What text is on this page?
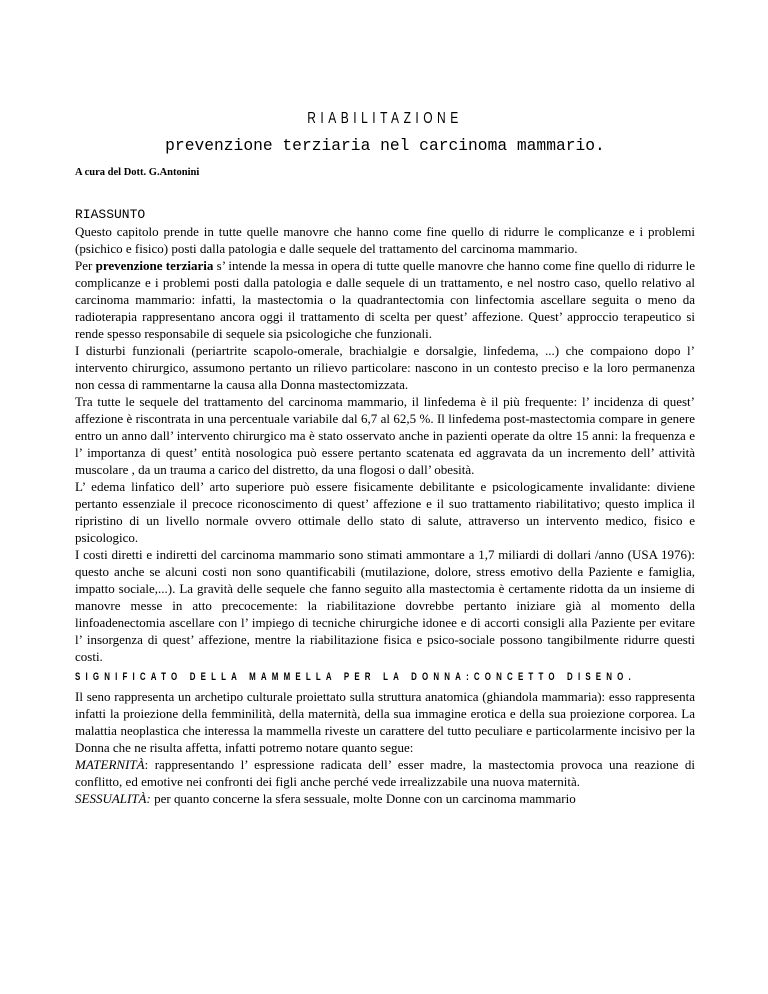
RIABILITAZIONE

prevenzione terziaria nel carcinoma mammario.

A cura del Dott. G.Antonini

RIASSUNTO

Questo capitolo prende in tutte quelle manovre che hanno come fine quello di ridurre le complicanze e i problemi (psichico e fisico) posti dalla patologia e dalle sequele del trattamento del carcinoma mammario.

Per prevenzione terziaria s’ intende la messa in opera di tutte quelle manovre che hanno come fine quello di ridurre le complicanze e i problemi posti dalla patologia e dalle sequele di un trattamento, e nel nostro caso, quello relativo al carcinoma mammario: infatti, la mastectomia o la quadrantectomia con linfectomia ascellare seguita o meno da radioterapia rappresentano ancora oggi il trattamento di scelta per quest’ affezione. Quest’ approccio terapeutico si rende spesso responsabile di sequele sia psicologiche che funzionali.

I disturbi funzionali (periartrite scapolo-omerale, brachialgie e dorsalgie, linfedema, ...) che compaiono dopo l’ intervento chirurgico, assumono pertanto un rilievo particolare: nascono in un contesto preciso e la loro permanenza non cessa di rammentarne la causa alla Donna mastectomizzata.

Tra tutte le sequele del trattamento del carcinoma mammario, il linfedema è il più frequente: l’ incidenza di quest’ affezione è riscontrata in una percentuale variabile dal 6,7 al 62,5 %. Il linfedema post-mastectomia compare in genere entro un anno dall’ intervento chirurgico ma è stato osservato anche in pazienti operate da oltre 15 anni: la frequenza e l’ importanza di quest’ entità nosologica può essere pertanto scatenata ed aggravata da un incremento dell’ attività muscolare , da un trauma a carico del distretto, da una flogosi o dall’ obesità.

L’ edema linfatico dell’ arto superiore può essere fisicamente debilitante e psicologicamente invalidante: diviene pertanto essenziale il precoce riconoscimento di quest’ affezione e il suo trattamento riabilitativo; questo implica il ripristino di un livello normale ovvero ottimale dello stato di salute, attraverso un intervento medico, fisico e psicologico.

I costi diretti e indiretti del carcinoma mammario sono stimati ammontare a 1,7 miliardi di dollari /anno (USA 1976): questo anche se alcuni costi non sono quantificabili (mutilazione, dolore, stress emotivo della Paziente e famiglia, impatto sociale,...). La gravità delle sequele che fanno seguito alla mastectomia è certamente ridotta da un insieme di manovre messe in atto precocemente: la riabilitazione dovrebbe pertanto iniziare già al momento della linfoadenectomia ascellare con l’ impiego di tecniche chirurgiche idonee e di accorti consigli alla Paziente per evitare l’ insorgenza di quest’ affezione, mentre la riabilitazione fisica e psico-sociale possono tangibilmente ridurre questi costi.

SIGNIFICATO DELLA MAMMELLA PER LA DONNA:CONCETTO DISENO.

Il seno rappresenta un archetipo culturale proiettato sulla struttura anatomica (ghiandola mammaria): esso rappresenta infatti la proiezione della femminilità, della maternità, della sua immagine erotica e della sua proiezione corporea. La malattia neoplastica che interessa la mammella riveste un carattere del tutto peculiare e particolarmente incisivo per la Donna che ne risulta affetta, infatti potremo notare quanto segue:

MATERNITÀ: rappresentando l’ espressione radicata dell’ esser madre, la mastectomia provoca una reazione di conflitto, ed emotive nei confronti dei figli anche perché vede irrealizzabile una nuova maternità.

SESSUALITÀ: per quanto concerne la sfera sessuale, molte Donne con un carcinoma mammario
